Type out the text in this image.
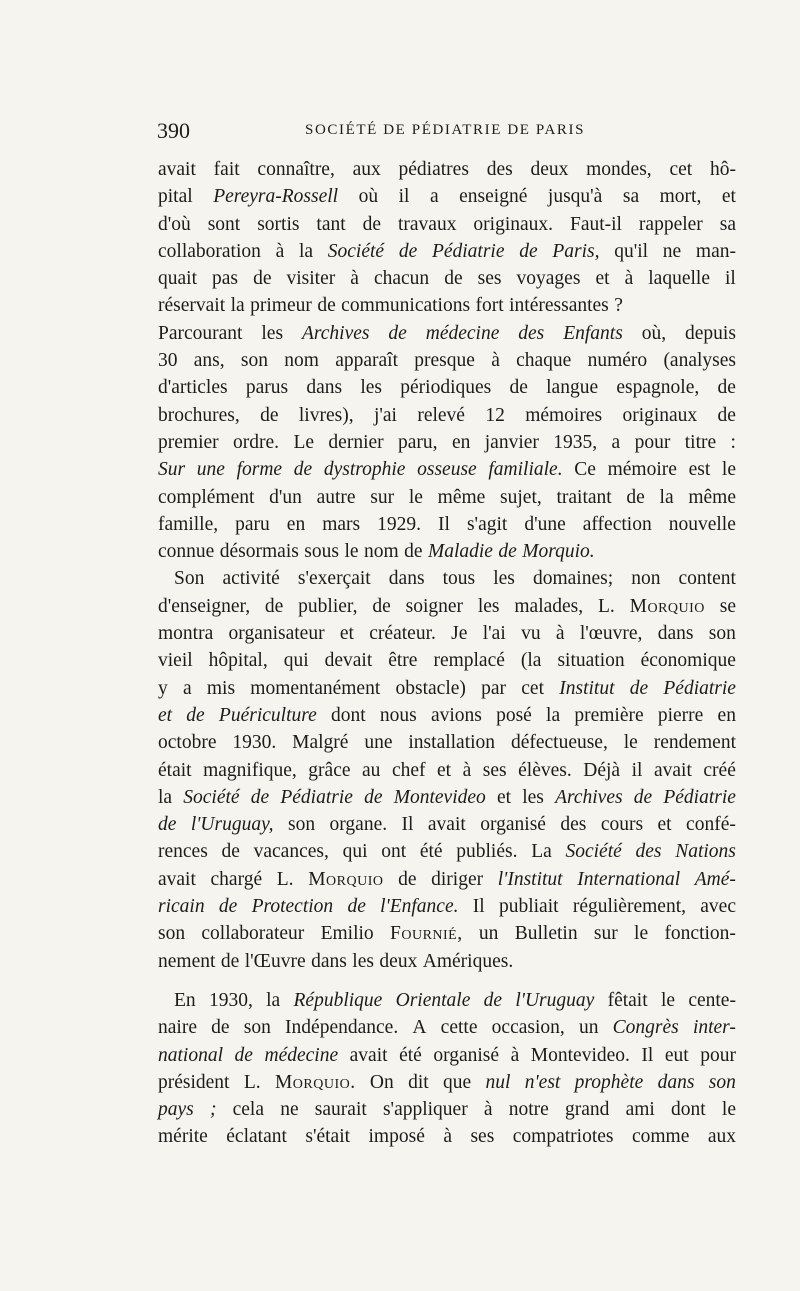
390	SOCIÉTÉ DE PÉDIATRIE DE PARIS
avait fait connaître, aux pédiatres des deux mondes, cet hô-
pital Pereyra-Rossell où il a enseigné jusqu'à sa mort, et
d'où sont sortis tant de travaux originaux. Faut-il rappeler sa
collaboration à la Société de Pédiatrie de Paris, qu'il ne man-
quait pas de visiter à chacun de ses voyages et à laquelle il
réservait la primeur de communications fort intéressantes ?
Parcourant les Archives de médecine des Enfants où, depuis
30 ans, son nom apparaît presque à chaque numéro (analyses
d'articles parus dans les périodiques de langue espagnole, de
brochures, de livres), j'ai relevé 12 mémoires originaux de
premier ordre. Le dernier paru, en janvier 1935, a pour titre :
Sur une forme de dystrophie osseuse familiale. Ce mémoire est le
complément d'un autre sur le même sujet, traitant de la même
famille, paru en mars 1929. Il s'agit d'une affection nouvelle
connue désormais sous le nom de Maladie de Morquio.
Son activité s'exerçait dans tous les domaines; non content
d'enseigner, de publier, de soigner les malades, L. Morquio se
montra organisateur et créateur. Je l'ai vu à l'œuvre, dans son
vieil hôpital, qui devait être remplacé (la situation économique
y a mis momentanément obstacle) par cet Institut de Pédiatrie
et de Puériculture dont nous avions posé la première pierre en
octobre 1930. Malgré une installation défectueuse, le rendement
était magnifique, grâce au chef et à ses élèves. Déjà il avait créé
la Société de Pédiatrie de Montevideo et les Archives de Pédiatrie
de l'Uruguay, son organe. Il avait organisé des cours et confé-
rences de vacances, qui ont été publiés. La Société des Nations
avait chargé L. Morquio de diriger l'Institut International Amé-
ricain de Protection de l'Enfance. Il publiait régulièrement, avec
son collaborateur Emilio Fournié, un Bulletin sur le fonction-
nement de l'Œuvre dans les deux Amériques.
En 1930, la République Orientale de l'Uruguay fêtait le cente-
naire de son Indépendance. A cette occasion, un Congrès inter-
national de médecine avait été organisé à Montevideo. Il eut pour
président L. Morquio. On dit que nul n'est prophète dans son
pays ; cela ne saurait s'appliquer à notre grand ami dont le
mérite éclatant s'était imposé à ses compatriotes comme aux
